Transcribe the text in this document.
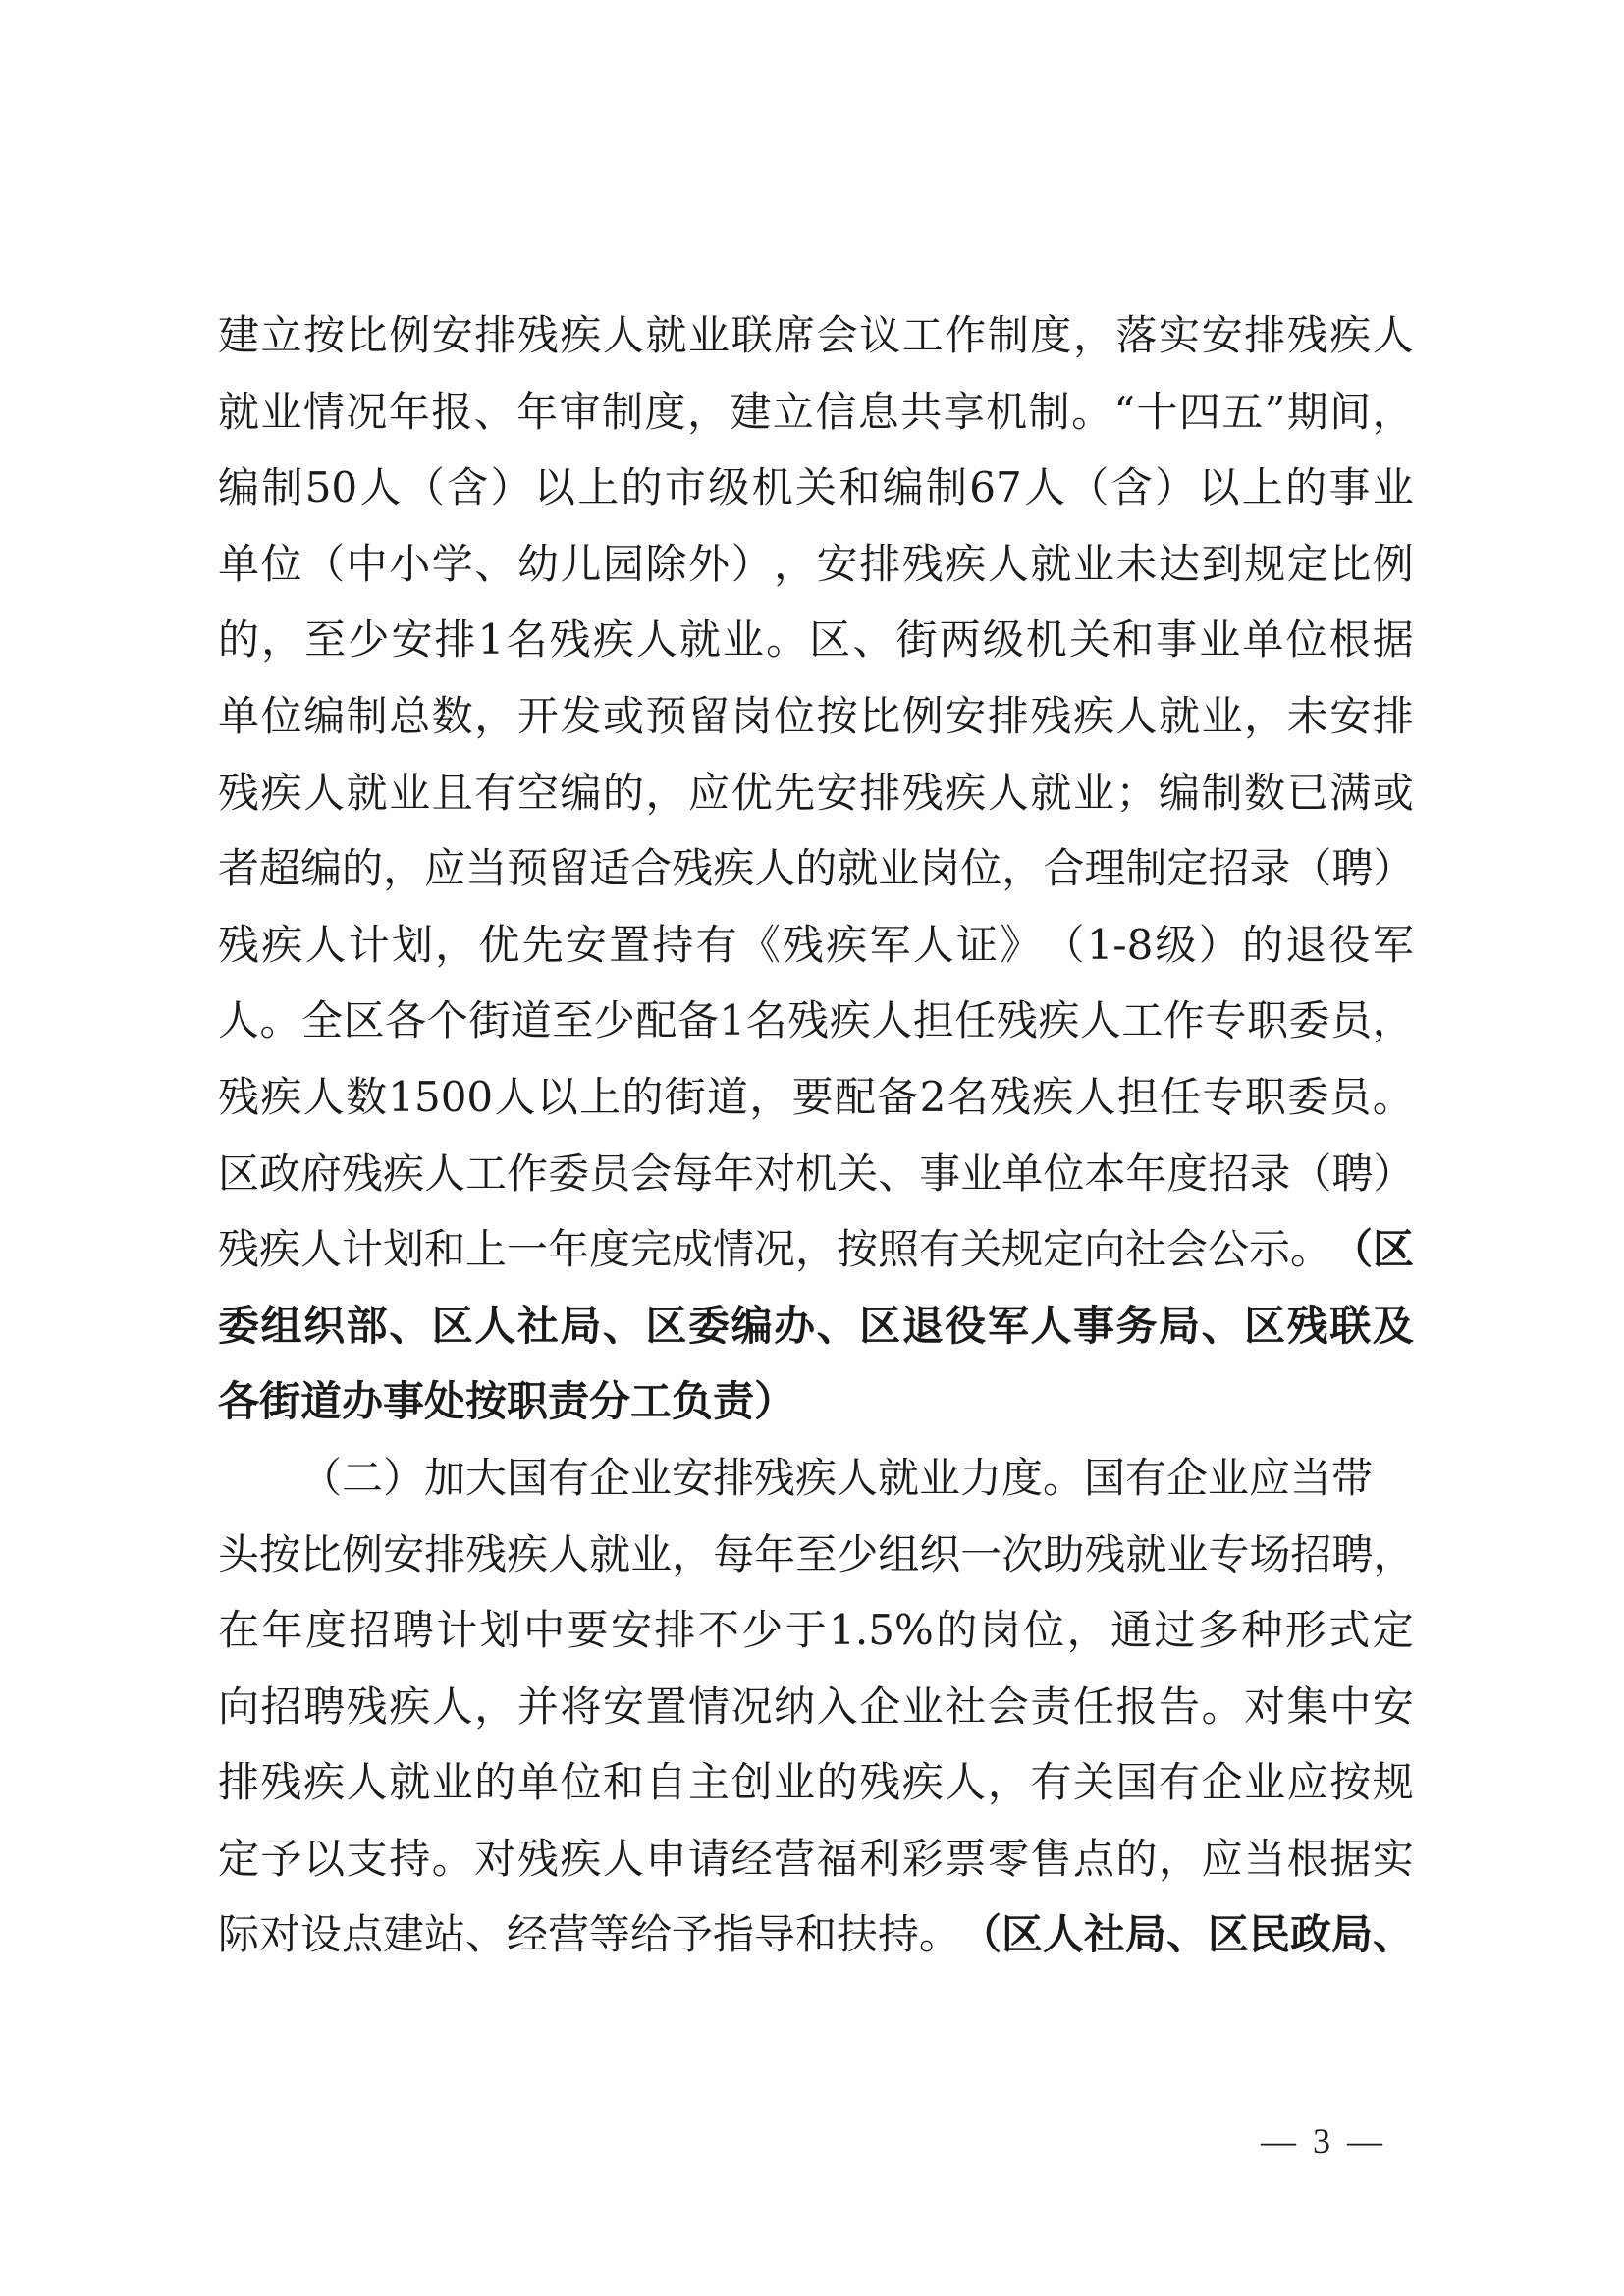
建 立 按 比 例 安 排 残 疾 人 就 业 联 席 会 议 工 作 制 度 ， 落 实 安 排 残 疾 人
就 业 情 况 年 报 、 年 审 制 度 ， 建 立 信 息 共 享 机 制 。 “ 十 四 五 ” 期 间 ，
编 制 50 人 （ 含 ） 以 上 的 市 级 机 关 和 编 制 67 人 （ 含 ） 以 上 的 事 业
单 位 （ 中 小 学 、 幼 儿 园 除 外 ） ， 安 排 残 疾 人 就 业 未 达 到 规 定 比 例
的 ， 至 少 安 排 1 名 残 疾 人 就 业 。 区 、 街 两 级 机 关 和 事 业 单 位 根 据
单 位 编 制 总 数 ， 开 发 或 预 留 岗 位 按 比 例 安 排 残 疾 人 就 业 ， 未 安 排
残 疾 人 就 业 且 有 空 编 的 ， 应 优 先 安 排 残 疾 人 就 业 ； 编 制 数 已 满 或
者 超 编 的 ， 应 当 预 留 适 合 残 疾 人 的 就 业 岗 位 ， 合 理 制 定 招 录 （ 聘 ）
残 疾 人 计 划 ， 优 先 安 置 持 有 《 残 疾 军 人 证 》 （ 1-8 级 ） 的 退 役 军
人 。 全 区 各 个 街 道 至 少 配 备 1 名 残 疾 人 担 任 残 疾 人 工 作 专 职 委 员 ，
残 疾 人 数 1500 人 以 上 的 街 道 ， 要 配 备 2 名 残 疾 人 担 任 专 职 委 员 。
区 政 府 残 疾 人 工 作 委 员 会 每 年 对 机 关 、 事 业 单 位 本 年 度 招 录 （ 聘 ）
残疾人计划和上一年度完成情况，按照有关规定向社会公示。 （区
委 组 织 部 、 区 人 社 局 、 区 委 编 办 、 区 退 役 军 人 事 务 局 、 区 残 联 及
各街道办事处按职责分工负责）
（二）加大国有企业安排残疾人就业力度。 国有企业应当带
头 按 比 例 安 排 残 疾 人 就 业 ， 每 年 至 少 组 织 一 次 助 残 就 业 专 场 招 聘 ，
在 年 度 招 聘 计 划 中 要 安 排 不 少 于 1.5% 的 岗 位 ， 通 过 多 种 形 式 定
向 招 聘 残 疾 人 ， 并 将 安 置 情 况 纳 入 企 业 社 会 责 任 报 告 。 对 集 中 安
排 残 疾 人 就 业 的 单 位 和 自 主 创 业 的 残 疾 人 ， 有 关 国 有 企 业 应 按 规
定 予 以 支 持 。 对 残 疾 人 申 请 经 营 福 利 彩 票 零 售 点 的 ， 应 当 根 据 实
际对设点建站、经营等给予指导和扶持。 （区人社局、区民政局、
— 3 —
